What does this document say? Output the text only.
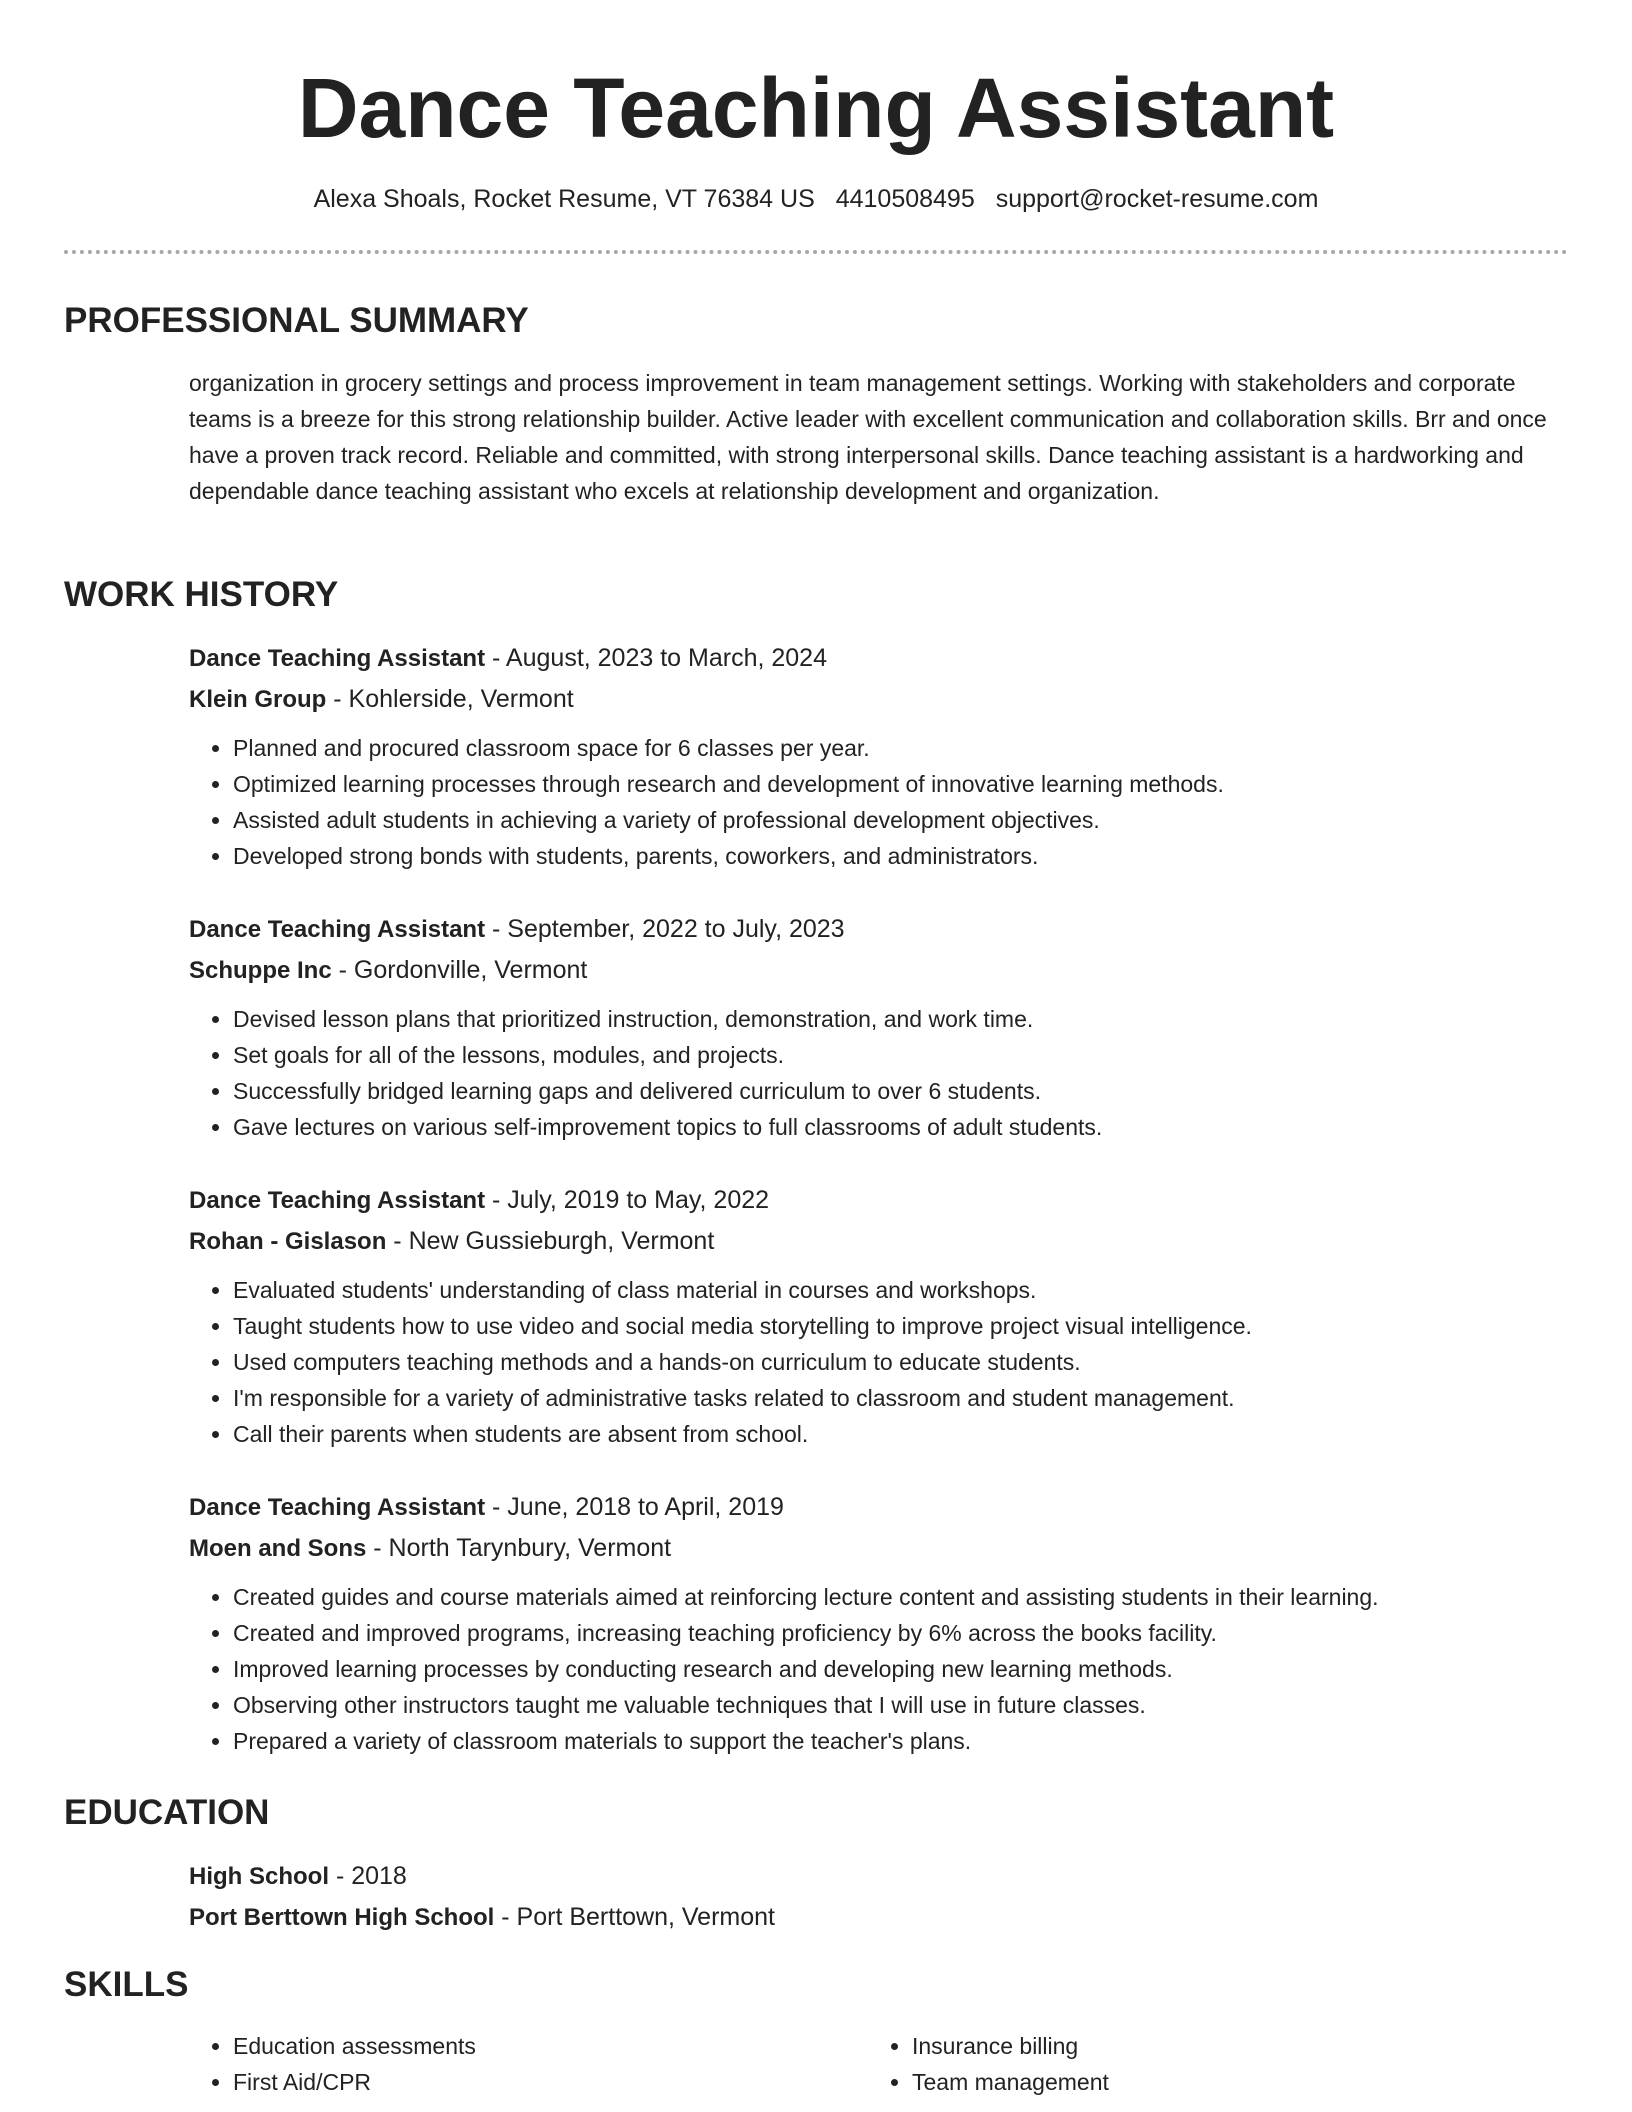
Dance Teaching Assistant
Alexa Shoals, Rocket Resume, VT 76384 US 4410508495 support@rocket-resume.com
PROFESSIONAL SUMMARY

organization in grocery settings and process improvement in team management settings. Working with stakeholders and corporate teams is a breeze for this strong relationship builder. Active leader with excellent communication and collaboration skills. Brr and once have a proven track record. Reliable and committed, with strong interpersonal skills. Dance teaching assistant is a hardworking and dependable dance teaching assistant who excels at relationship development and organization.

WORK HISTORY

Dance Teaching Assistant - August, 2023 to March, 2024

Klein Group - Kohlerside, Vermont

• Planned and procured classroom space for 6 classes per year.
• Optimized learning processes through research and development of innovative learning methods.
• Assisted adult students in achieving a variety of professional development objectives.
• Developed strong bonds with students, parents, coworkers, and administrators.

Dance Teaching Assistant - September, 2022 to July, 2023

Schuppe Inc - Gordonville, Vermont

• Devised lesson plans that prioritized instruction, demonstration, and work time.
• Set goals for all of the lessons, modules, and projects.
• Successfully bridged learning gaps and delivered curriculum to over 6 students.
• Gave lectures on various self-improvement topics to full classrooms of adult students.

Dance Teaching Assistant - July, 2019 to May, 2022

Rohan - Gislason - New Gussieburgh, Vermont

• Evaluated students' understanding of class material in courses and workshops.
• Taught students how to use video and social media storytelling to improve project visual intelligence.
• Used computers teaching methods and a hands-on curriculum to educate students.
• I'm responsible for a variety of administrative tasks related to classroom and student management.
• Call their parents when students are absent from school.

Dance Teaching Assistant - June, 2018 to April, 2019

Moen and Sons - North Tarynbury, Vermont

• Created guides and course materials aimed at reinforcing lecture content and assisting students in their learning.
• Created and improved programs, increasing teaching proficiency by 6% across the books facility.
• Improved learning processes by conducting research and developing new learning methods.
• Observing other instructors taught me valuable techniques that I will use in future classes.
• Prepared a variety of classroom materials to support the teacher's plans.
EDUCATION

High School - 2018

Port Berttown High School - Port Berttown, Vermont

SKILLS
• Education assessments
• First Aid/CPR
• Insurance billing
• Team management
